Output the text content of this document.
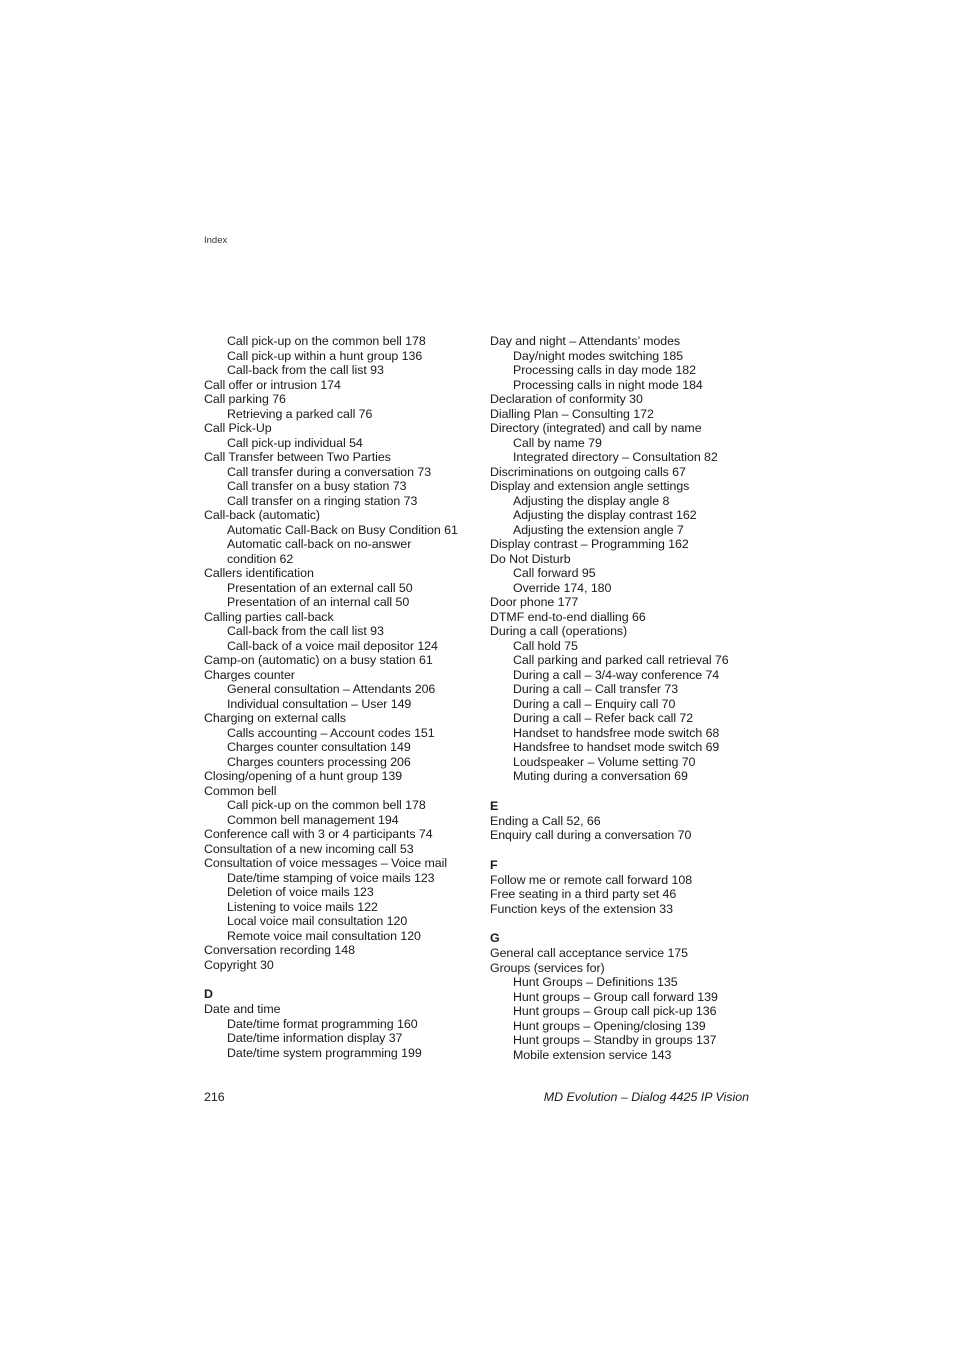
Index
Call pick-up on the common bell 178
Call pick-up within a hunt group 136
Call-back from the call list 93
Call offer or intrusion 174
Call parking 76
Retrieving a parked call 76
Call Pick-Up
Call pick-up individual 54
Call Transfer between Two Parties
Call transfer during a conversation 73
Call transfer on a busy station 73
Call transfer on a ringing station 73
Call-back (automatic)
Automatic Call-Back on Busy Condition 61
Automatic call-back on no-answer
condition 62
Callers identification
Presentation of an external call 50
Presentation of an internal call 50
Calling parties call-back
Call-back from the call list 93
Call-back of a voice mail depositor 124
Camp-on (automatic) on a busy station 61
Charges counter
General consultation – Attendants 206
Individual consultation – User 149
Charging on external calls
Calls accounting – Account codes 151
Charges counter consultation 149
Charges counters processing 206
Closing/opening of a hunt group 139
Common bell
Call pick-up on the common bell 178
Common bell management 194
Conference call with 3 or 4 participants 74
Consultation of a new incoming call 53
Consultation of voice messages – Voice mail
Date/time stamping of voice mails 123
Deletion of voice mails 123
Listening to voice mails 122
Local voice mail consultation 120
Remote voice mail consultation 120
Conversation recording 148
Copyright 30
D
Date and time
Date/time format programming 160
Date/time information display 37
Date/time system programming 199
Day and night – Attendants’ modes
Day/night modes switching 185
Processing calls in day mode 182
Processing calls in night mode 184
Declaration of conformity 30
Dialling Plan – Consulting 172
Directory (integrated) and call by name
Call by name 79
Integrated directory – Consultation 82
Discriminations on outgoing calls 67
Display and extension angle settings
Adjusting the display angle 8
Adjusting the display contrast 162
Adjusting the extension angle 7
Display contrast – Programming 162
Do Not Disturb
Call forward 95
Override 174, 180
Door phone 177
DTMF end-to-end dialling 66
During a call (operations)
Call hold 75
Call parking and parked call retrieval 76
During a call – 3/4-way conference 74
During a call – Call transfer 73
During a call – Enquiry call 70
During a call – Refer back call 72
Handset to handsfree mode switch 68
Handsfree to handset mode switch 69
Loudspeaker – Volume setting 70
Muting during a conversation 69
E
Ending a Call 52, 66
Enquiry call during a conversation 70
F
Follow me or remote call forward 108
Free seating in a third party set 46
Function keys of the extension 33
G
General call acceptance service 175
Groups (services for)
Hunt Groups – Definitions 135
Hunt groups – Group call forward 139
Hunt groups – Group call pick-up 136
Hunt groups – Opening/closing 139
Hunt groups – Standby in groups 137
Mobile extension service 143
216	MD Evolution – Dialog 4425 IP Vision
